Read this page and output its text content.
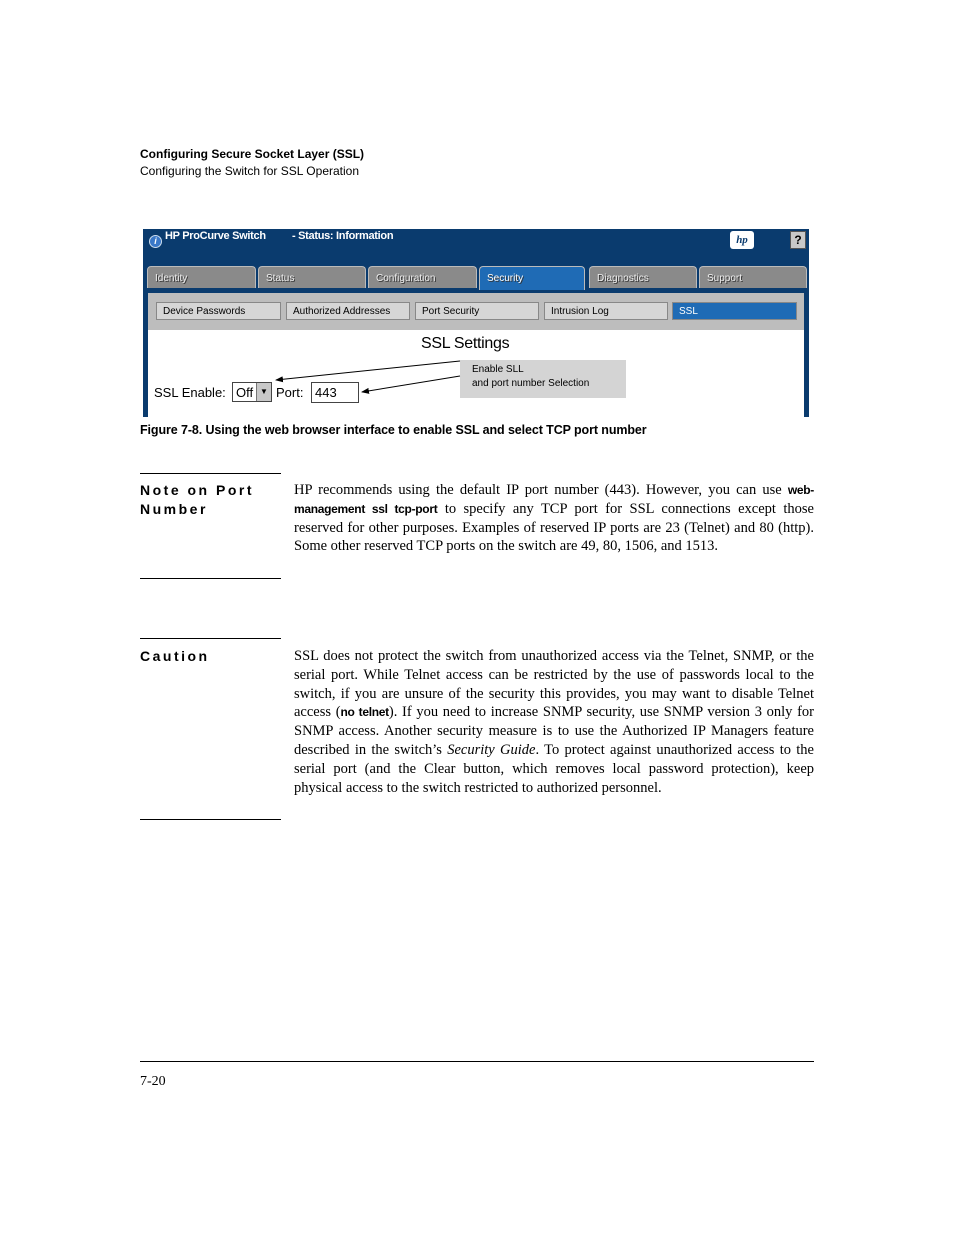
Configuring Secure Socket Layer (SSL)
Configuring the Switch for SSL Operation
i HP ProCurve Switch - Status: Information	hp	?
Identity	Status	Configuration	Security	Diagnostics	Support
Device Passwords	Authorized Addresses	Port Security	Intrusion Log	SSL
SSL Settings
SSL Enable: Off ▼ Port: 443
Enable SLL
and port number Selection
Figure 7-8. Using the web browser interface to enable SSL and select TCP port number
Note on Port
Number
HP recommends using the default IP port number (443). However, you can use web-management ssl tcp-port to specify any TCP port for SSL connections except those reserved for other purposes. Examples of reserved IP ports are 23 (Telnet) and 80 (http). Some other reserved TCP ports on the switch are 49, 80, 1506, and 1513.
Caution	SSL does not protect the switch from unauthorized access via the Telnet, SNMP, or the serial port. While Telnet access can be restricted by the use of passwords local to the switch, if you are unsure of the security this provides, you may want to disable Telnet access (no telnet). If you need to increase SNMP security, use SNMP version 3 only for SNMP access. Another security measure is to use the Authorized IP Managers feature described in the switch’s Security Guide. To protect against unauthorized access to the serial port (and the Clear button, which removes local password protection), keep physical access to the switch restricted to authorized personnel.
7-20
